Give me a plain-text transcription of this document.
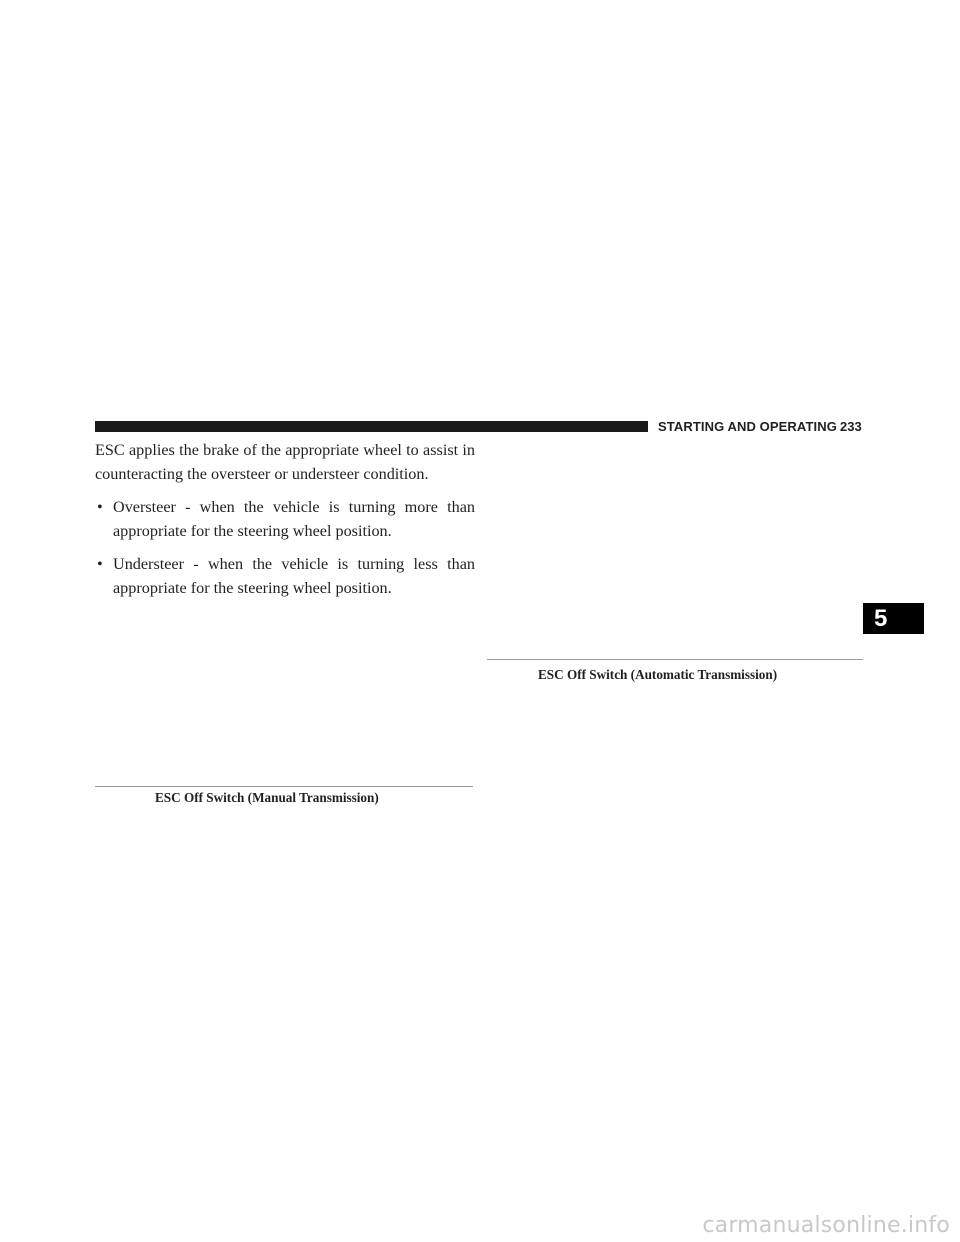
STARTING AND OPERATING 233

ESC applies the brake of the appropriate wheel to assist in counteracting the oversteer or understeer condition.

• Oversteer - when the vehicle is turning more than appropriate for the steering wheel position.
• Understeer - when the vehicle is turning less than appropriate for the steering wheel position.
ESC Off Switch (Automatic Transmission)
ESC Off Switch (Manual Transmission)
5
carmanualsonline.info
